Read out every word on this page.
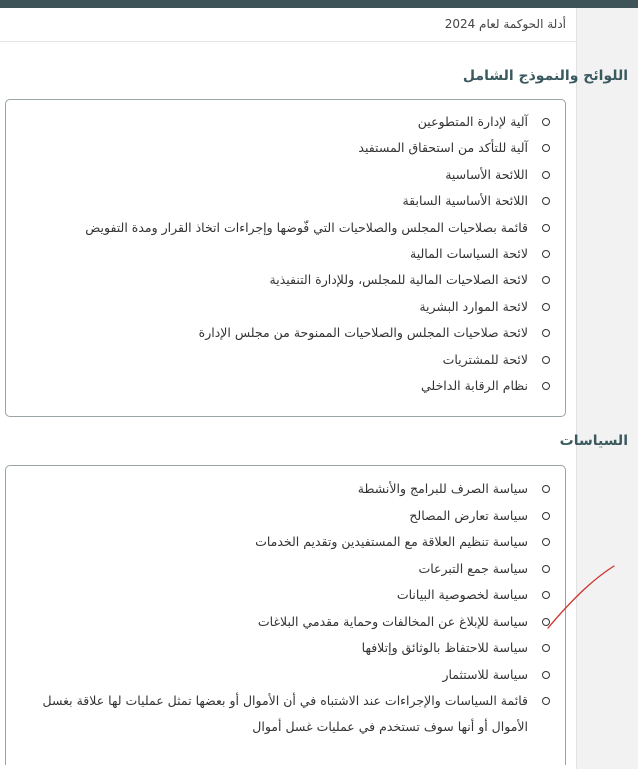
أدلة الحوكمة لعام 2024
اللوائح والنموذج الشامل
آلية لإدارة المتطوعين
آلية للتأكد من استحقاق المستفيد
اللائحة الأساسية
اللائحة الأساسية السابقة
قائمة بصلاحيات المجلس والصلاحيات التي فّوضها وإجراءات اتخاذ القرار ومدة التفويض
لائحة السياسات المالية
لائحة الصلاحيات المالية للمجلس، وللإدارة التنفيذية
لائحة الموارد البشرية
لائحة صلاحيات المجلس والصلاحيات الممنوحة من مجلس الإدارة
لائحة للمشتريات
نظام الرقابة الداخلي
السياسات
سياسة الصرف للبرامج والأنشطة
سياسة تعارض المصالح
سياسة تنظيم العلاقة مع المستفيدين وتقديم الخدمات
سياسة جمع التبرعات
سياسة لخصوصية البيانات
سياسة للإبلاغ عن المخالفات وحماية مقدمي البلاغات
سياسة للاحتفاظ بالوثائق وإتلافها
سياسة للاستثمار
قائمة السياسات والإجراءات عند الاشتباه في أن الأموال أو بعضها تمثل عمليات لها علاقة بغسل الأموال أو أنها سوف تستخدم في عمليات غسل أموال
